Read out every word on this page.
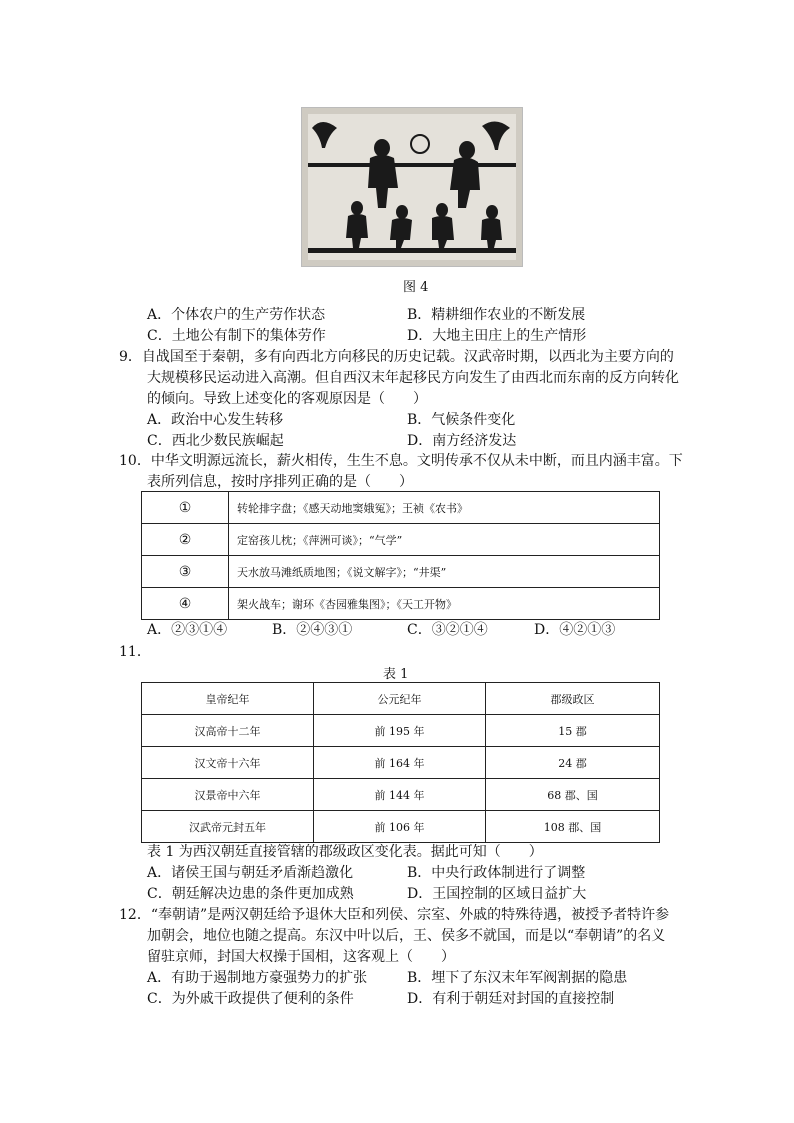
图 4
A．个体农户的生产劳作状态	B．精耕细作农业的不断发展
C．土地公有制下的集体劳作	D．大地主田庄上的生产情形
9．自战国至于秦朝，多有向西北方向移民的历史记载。汉武帝时期，以西北为主要方向的
大规模移民运动进入高潮。但自西汉末年起移民方向发生了由西北而东南的反方向转化
的倾向。导致上述变化的客观原因是（　　）
A．政治中心发生转移	B．气候条件变化
C．西北少数民族崛起	D．南方经济发达
10．中华文明源远流长，薪火相传，生生不息。文明传承不仅从未中断，而且内涵丰富。下
表所列信息，按时序排列正确的是（　　）
①	转轮排字盘；《感天动地窦娥冤》；王祯《农书》
②	定窑孩儿枕；《萍洲可谈》；“气学”
③	天水放马滩纸质地图；《说文解字》；“井渠”
④	架火战车；谢环《杏园雅集图》；《天工开物》
A．②③①④	B．②④③①	C．③②①④	D．④②①③
11．
表 1
皇帝纪年	公元纪年	郡级政区
汉高帝十二年	前 195 年	15 郡
汉文帝十六年	前 164 年	24 郡
汉景帝中六年	前 144 年	68 郡、国
汉武帝元封五年	前 106 年	108 郡、国
表 1 为西汉朝廷直接管辖的郡级政区变化表。据此可知（　　）
A．诸侯王国与朝廷矛盾渐趋激化	B．中央行政体制进行了调整
C．朝廷解决边患的条件更加成熟	D．王国控制的区域日益扩大
12．“奉朝请”是两汉朝廷给予退休大臣和列侯、宗室、外戚的特殊待遇，被授予者特许参
加朝会，地位也随之提高。东汉中叶以后，王、侯多不就国，而是以“奉朝请”的名义
留驻京师，封国大权操于国相，这客观上（　　）
A．有助于遏制地方豪强势力的扩张	B．埋下了东汉末年军阀割据的隐患
C．为外戚干政提供了便利的条件	D．有利于朝廷对封国的直接控制
